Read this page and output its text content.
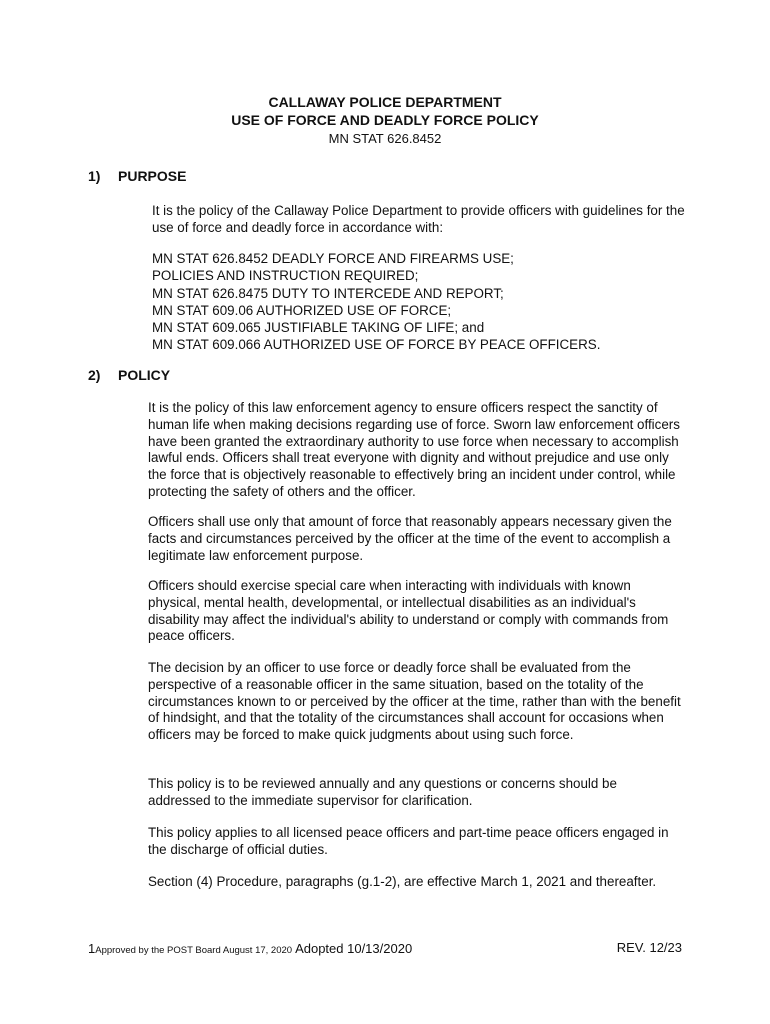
CALLAWAY POLICE DEPARTMENT
USE OF FORCE AND DEADLY FORCE POLICY
MN STAT 626.8452
1) PURPOSE

It is the policy of the Callaway Police Department to provide officers with guidelines for the use of force and deadly force in accordance with:

MN STAT 626.8452 DEADLY FORCE AND FIREARMS USE;
POLICIES AND INSTRUCTION REQUIRED;
MN STAT 626.8475 DUTY TO INTERCEDE AND REPORT;
MN STAT 609.06 AUTHORIZED USE OF FORCE;
MN STAT 609.065 JUSTIFIABLE TAKING OF LIFE; and
MN STAT 609.066 AUTHORIZED USE OF FORCE BY PEACE OFFICERS.
2) POLICY

It is the policy of this law enforcement agency to ensure officers respect the sanctity of human life when making decisions regarding use of force. Sworn law enforcement officers have been granted the extraordinary authority to use force when necessary to accomplish lawful ends. Officers shall treat everyone with dignity and without prejudice and use only the force that is objectively reasonable to effectively bring an incident under control, while protecting the safety of others and the officer.

Officers shall use only that amount of force that reasonably appears necessary given the facts and circumstances perceived by the officer at the time of the event to accomplish a legitimate law enforcement purpose.

Officers should exercise special care when interacting with individuals with known physical, mental health, developmental, or intellectual disabilities as an individual's disability may affect the individual's ability to understand or comply with commands from peace officers.

The decision by an officer to use force or deadly force shall be evaluated from the perspective of a reasonable officer in the same situation, based on the totality of the circumstances known to or perceived by the officer at the time, rather than with the benefit of hindsight, and that the totality of the circumstances shall account for occasions when officers may be forced to make quick judgments about using such force.

This policy is to be reviewed annually and any questions or concerns should be addressed to the immediate supervisor for clarification.

This policy applies to all licensed peace officers and part-time peace officers engaged in the discharge of official duties.

Section (4) Procedure, paragraphs (g.1-2), are effective March 1, 2021 and thereafter.

1Approved by the POST Board August 17, 2020 Adopted 10/13/2020	REV. 12/23
